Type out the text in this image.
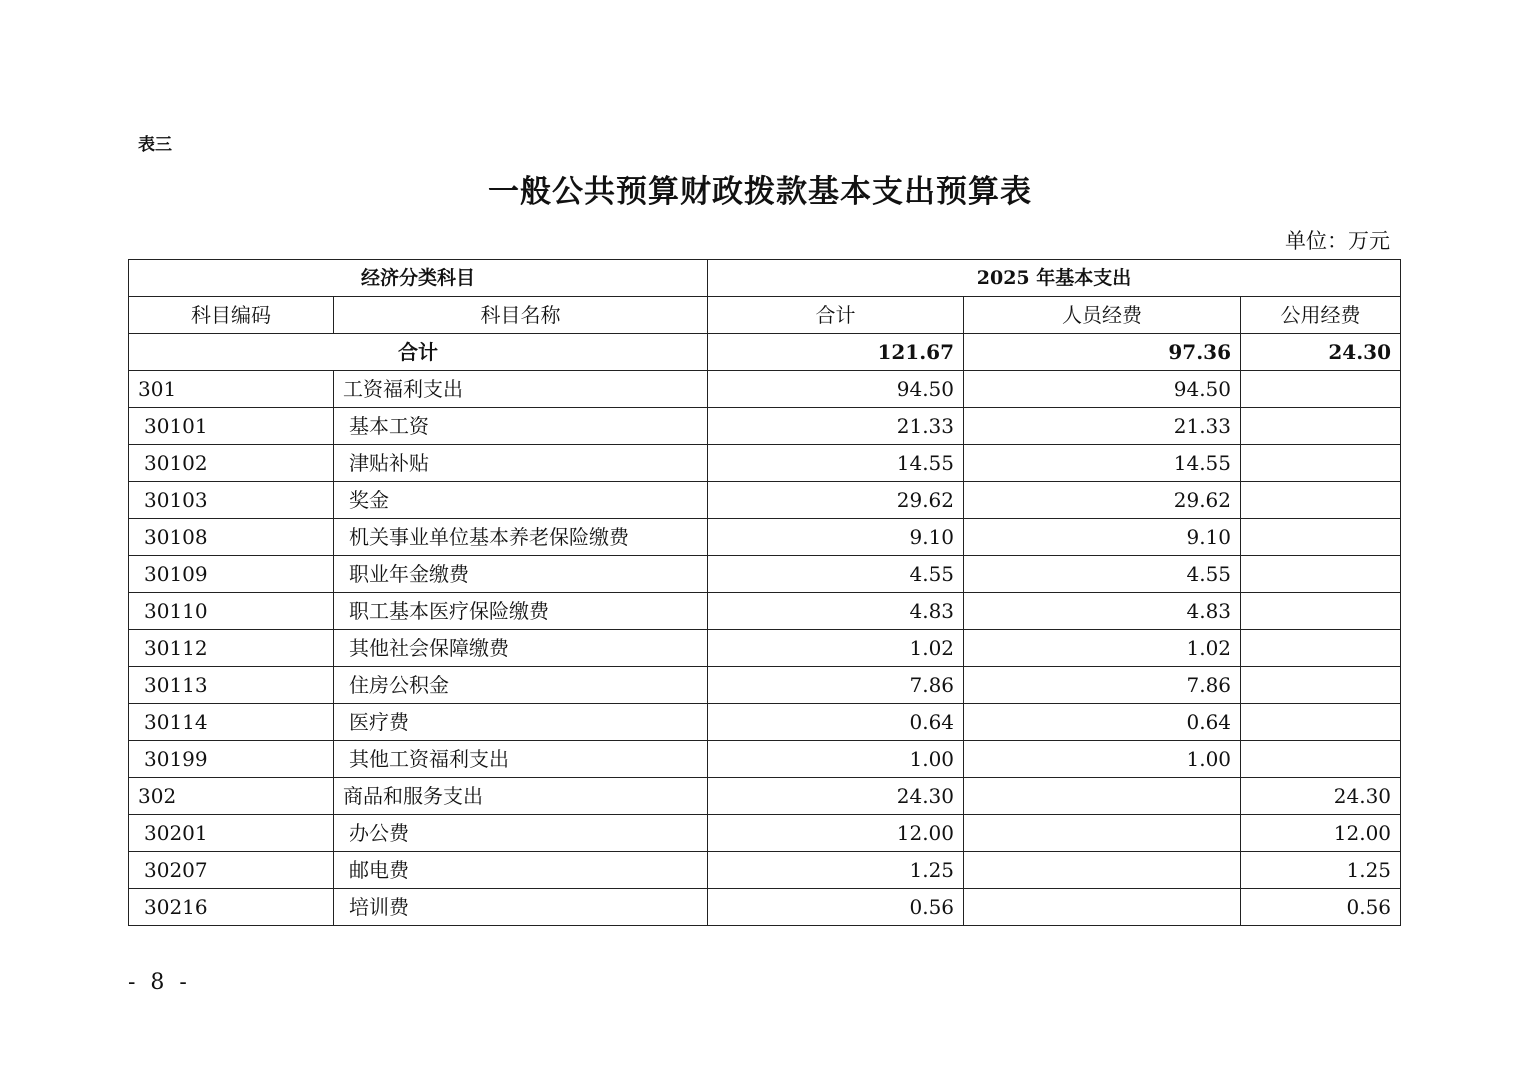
表三
一般公共预算财政拨款基本支出预算表
单位：万元
经济分类科目		2025 年基本支出		
科目编码	科目名称	合计	人员经费	公用经费
合计		121.67	97.36	24.30
301	工资福利支出	94.50	94.50	
30101	基本工资	21.33	21.33	
30102	津贴补贴	14.55	14.55	
30103	奖金	29.62	29.62	
30108	机关事业单位基本养老保险缴费	9.10	9.10	
30109	职业年金缴费	4.55	4.55	
30110	职工基本医疗保险缴费	4.83	4.83	
30112	其他社会保障缴费	1.02	1.02	
30113	住房公积金	7.86	7.86	
30114	医疗费	0.64	0.64	
30199	其他工资福利支出	1.00	1.00	
302	商品和服务支出	24.30		24.30
30201	办公费	12.00		12.00
30207	邮电费	1.25		1.25
30216	培训费	0.56		0.56
- 8 -
